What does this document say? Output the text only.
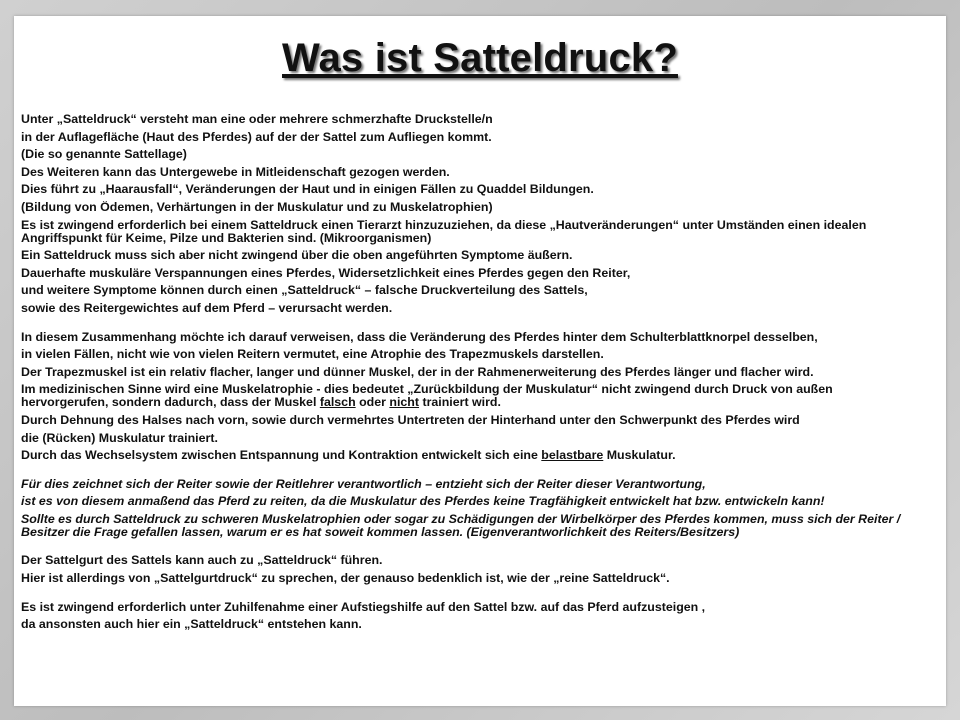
Was ist Satteldruck?
Unter „Satteldruck“ versteht man eine oder mehrere schmerzhafte Druckstelle/n
in der Auflagefläche (Haut des Pferdes) auf der der Sattel zum Aufliegen kommt.
(Die so genannte Sattellage)
Des Weiteren kann das Untergewebe in Mitleidenschaft gezogen werden.
Dies führt zu „Haarausfall“, Veränderungen der Haut und in einigen Fällen zu Quaddel Bildungen.
(Bildung von Ödemen, Verhärtungen in der Muskulatur und zu Muskelatrophien)
Es ist zwingend erforderlich bei einem Satteldruck einen Tierarzt hinzuzuziehen, da diese „Hautveränderungen“ unter Umständen einen idealen
Angriffspunkt für Keime, Pilze und Bakterien sind. (Mikroorganismen)
Ein Satteldruck muss sich aber nicht zwingend über die oben angeführten Symptome äußern.
Dauerhafte muskuläre Verspannungen eines Pferdes, Widersetzlichkeit eines Pferdes gegen den Reiter,
und weitere Symptome können durch einen „Satteldruck“ – falsche Druckverteilung des Sattels,
sowie des Reitergewichtes auf dem Pferd – verursacht werden.
In diesem Zusammenhang möchte ich darauf verweisen, dass die Veränderung des Pferdes hinter dem Schulterblattknorpel desselben,
in vielen Fällen, nicht wie von vielen Reitern vermutet, eine Atrophie des Trapezmuskels darstellen.
Der Trapezmuskel ist ein relativ flacher, langer und dünner Muskel, der in der Rahmenerweiterung des Pferdes länger und flacher wird.
Im medizinischen Sinne wird eine Muskelatrophie - dies bedeutet „Zurückbildung der Muskulatur“ nicht zwingend durch Druck von außen
hervorgerufen, sondern dadurch, dass der Muskel falsch oder nicht trainiert wird.
Durch Dehnung des Halses nach vorn, sowie durch vermehrtes Untertreten der Hinterhand unter den Schwerpunkt des Pferdes wird
die (Rücken) Muskulatur trainiert.
Durch das Wechselsystem zwischen Entspannung und Kontraktion entwickelt sich eine belastbare Muskulatur.
Für dies zeichnet sich der Reiter sowie der Reitlehrer verantwortlich – entzieht sich der Reiter dieser Verantwortung,
ist es von diesem anmaßend das Pferd zu reiten, da die Muskulatur des Pferdes keine Tragfähigkeit entwickelt hat bzw. entwickeln kann!
Sollte es durch Satteldruck zu schweren Muskelatrophien oder sogar zu Schädigungen der Wirbelkörper des Pferdes kommen, muss sich der Reiter /
Besitzer die Frage gefallen lassen, warum er es hat soweit kommen lassen. (Eigenverantworlichkeit des Reiters/Besitzers)
Der Sattelgurt des Sattels kann auch zu „Satteldruck“ führen.
Hier ist allerdings von „Sattelgurtdruck“ zu sprechen, der genauso bedenklich ist, wie der „reine Satteldruck“.
Es ist zwingend erforderlich unter Zuhilfenahme einer Aufstiegshilfe auf den Sattel bzw. auf das Pferd aufzusteigen ,
da ansonsten auch hier ein „Satteldruck“ entstehen kann.
